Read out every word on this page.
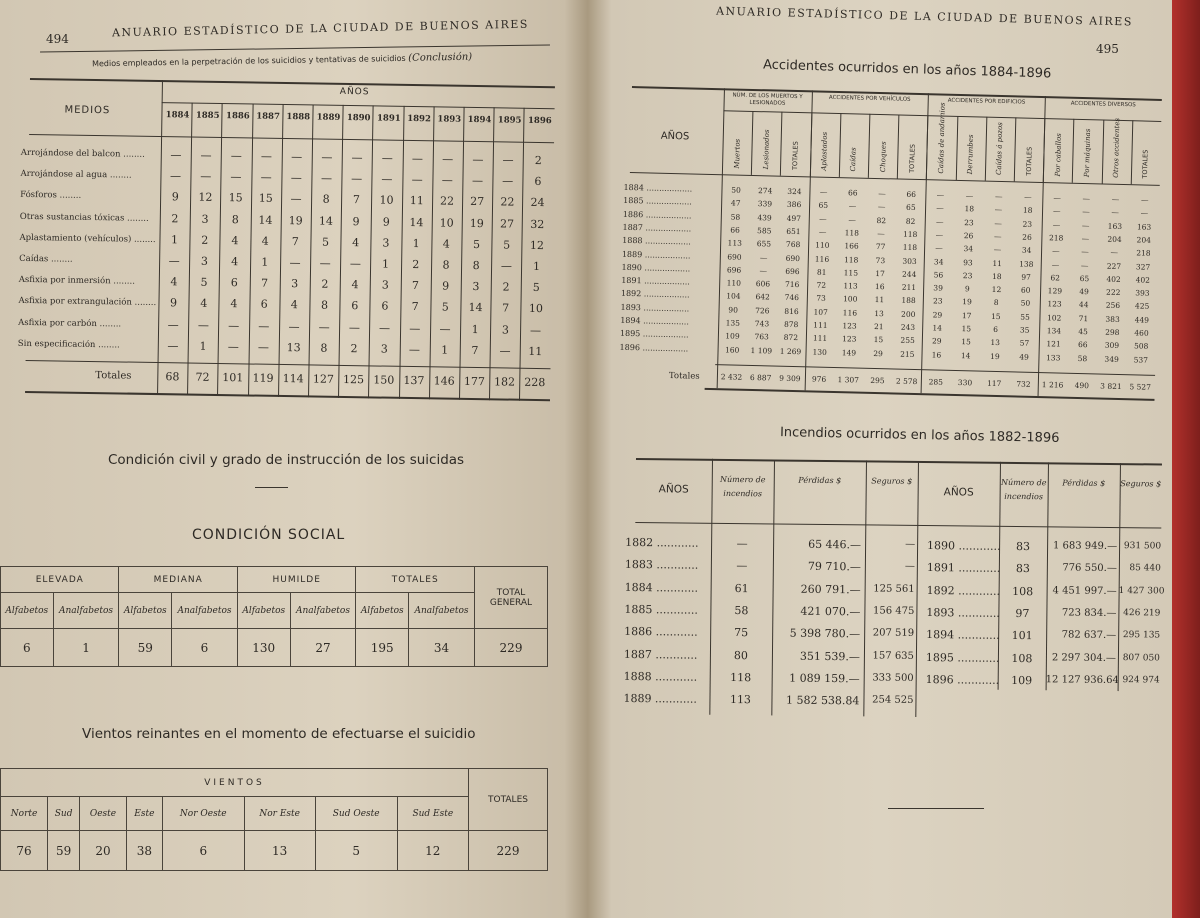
494	ANUARIO ESTADÍSTICO DE LA CIUDAD DE BUENOS AIRES
Medios empleados en la perpetración de los suicidios y tentativas de suicidios (Conclusión)
MEDIOS
AÑOS
1884 1885 1886 1887 1888 1889 1890 1891 1892 1893 1894 1895 1896
Arrojándose del balcon ........	—	—	—	—	—	—	—	—	—	—	—	—	2
Arrojándose al agua ........	—	—	—	—	—	—	—	—	—	—	—	—	6
Fósforos ........	9	12	15	15	—	8	7	10	11	22	27	22	24
Otras sustancias tóxicas ........	2	3	8	14	19	14	9	9	14	10	19	27	32
Aplastamiento (vehículos) ........	1	2	4	4	7	5	4	3	1	4	5	5	12
Caídas ........	—	3	4	1	—	—	—	1	2	8	8	—	1
Asfixia por inmersión ........	4	5	6	7	3	2	4	3	7	9	3	2	5
Asfixia por extrangulación ........	9	4	4	6	4	8	6	6	7	5	14	7	10
Asfixia por carbón ........	—	—	—	—	—	—	—	—	—	—	1	3	—
Sin especificación ........	—	1	—	—	13	8	2	3	—	1	7	—	11
Totales	68	72	101 119 114 127 125 150 137 146 177 182 228
Condición civil y grado de instrucción de los suicidas
CONDICIÓN SOCIAL
ELEVADA		MEDIANA		HUMILDE		TOTALES		TOTAL GENERAL
Alfabetos	Analfabetos	Alfabetos	Analfabetos	Alfabetos	Analfabetos	Alfabetos	Analfabetos	
6	1	59	6	130	27	195	34	229
Vientos reinantes en el momento de efectuarse el suicidio
VIENTOS								TOTALES
Norte	Sud	Oeste	Este	Nor Oeste	Nor Este	Sud Oeste	Sud Este	
76	59	20	38	6	13	5	12	229
ANUARIO ESTADÍSTICO DE LA CIUDAD DE BUENOS AIRES
495
Accidentes ocurridos en los años 1884-1896
AÑOS
NÚM. DE LOS MUERTOS Y LESIONADOS
ACCIDENTES POR VEHÍCULOS	ACCIDENTES POR EDIFICIOS	ACCIDENTES DIVERSOS
Muertos	Lesionados	TOTALES	Aplastados	Caídas	Choques	TOTALES	Caídas de andamios	Derrumbes	Caídas á pozos	TOTALES	Por caballos	Por máquinas	Otros accidentes	TOTALES
1884 ..................	50	274	324	—	66	—	66	—	—	—	—	—	—	—	—
1885 ..................	47	339	386	65	—	—	65	—	18	—	18	—	—	—	—
1886 ..................	58	439	497	—	—	82	82	—	23	—	23	—	—	163	163
1887 ..................	66	585	651	—	118	—	118	—	26	—	26	218	—	204	204
1888 ..................	113	655	768	110	166	77	118	—	34	—	34	—	—	—	218
1889 ..................	690	—	690	116	118	73	303	34	93	11	138	—	—	227	327
1890 ..................	696	—	696	81	115	17	244	56	23	18	97	62	65	402	402
1891 ..................	110	606	716	72	113	16	211	39	9	12	60	129	49	222	393
1892 ..................	104	642	746	73	100	11	188	23	19	8	50	123	44	256	425
1893 ..................	90	726	816	107	116	13	200	29	17	15	55	102	71	383	449
1894 ..................	135	743	878	111	123	21	243	14	15	6	35	134	45	298	460
1895 ..................	109	763	872	111	123	15	255	29	15	13	57	121	66	309	508
1896 ..................	160	1 109 1 269	130	149	29	215	16	14	19	49	133	58	349	537
Totales	2 432 6 887 9 309	976	1 307	295	2 578	285	330	117	732	1 216	490	3 821 5 527
Incendios ocurridos en los años 1882-1896
AÑOS
Número de incendios
Pérdidas $	Seguros $
AÑOS
Número de incendios
Pérdidas $	Seguros $
1882 ............	—	65 446.—	—
1883 ............	—	79 710.—	—
1884 ............	61	260 791.—	125 561
1885 ............	58	421 070.—	156 475
1886 ............	75	5 398 780.—	207 519
1887 ............	80	351 539.—	157 635
1888 ............	118	1 089 159.—	333 500
1889 ............	113	1 582 538.84	254 525
1890 ............	83	1 683 949.— 931 500
1891 ............	83	776 550.—	85 440
1892 ............	108	4 451 997.— 1 427 300
1893 ............	97	723 834.— 426 219
1894 ............	101	782 637.— 295 135
1895 ............	108	2 297 304.— 807 050
1896 ............	109	12 127 936.64 924 974
